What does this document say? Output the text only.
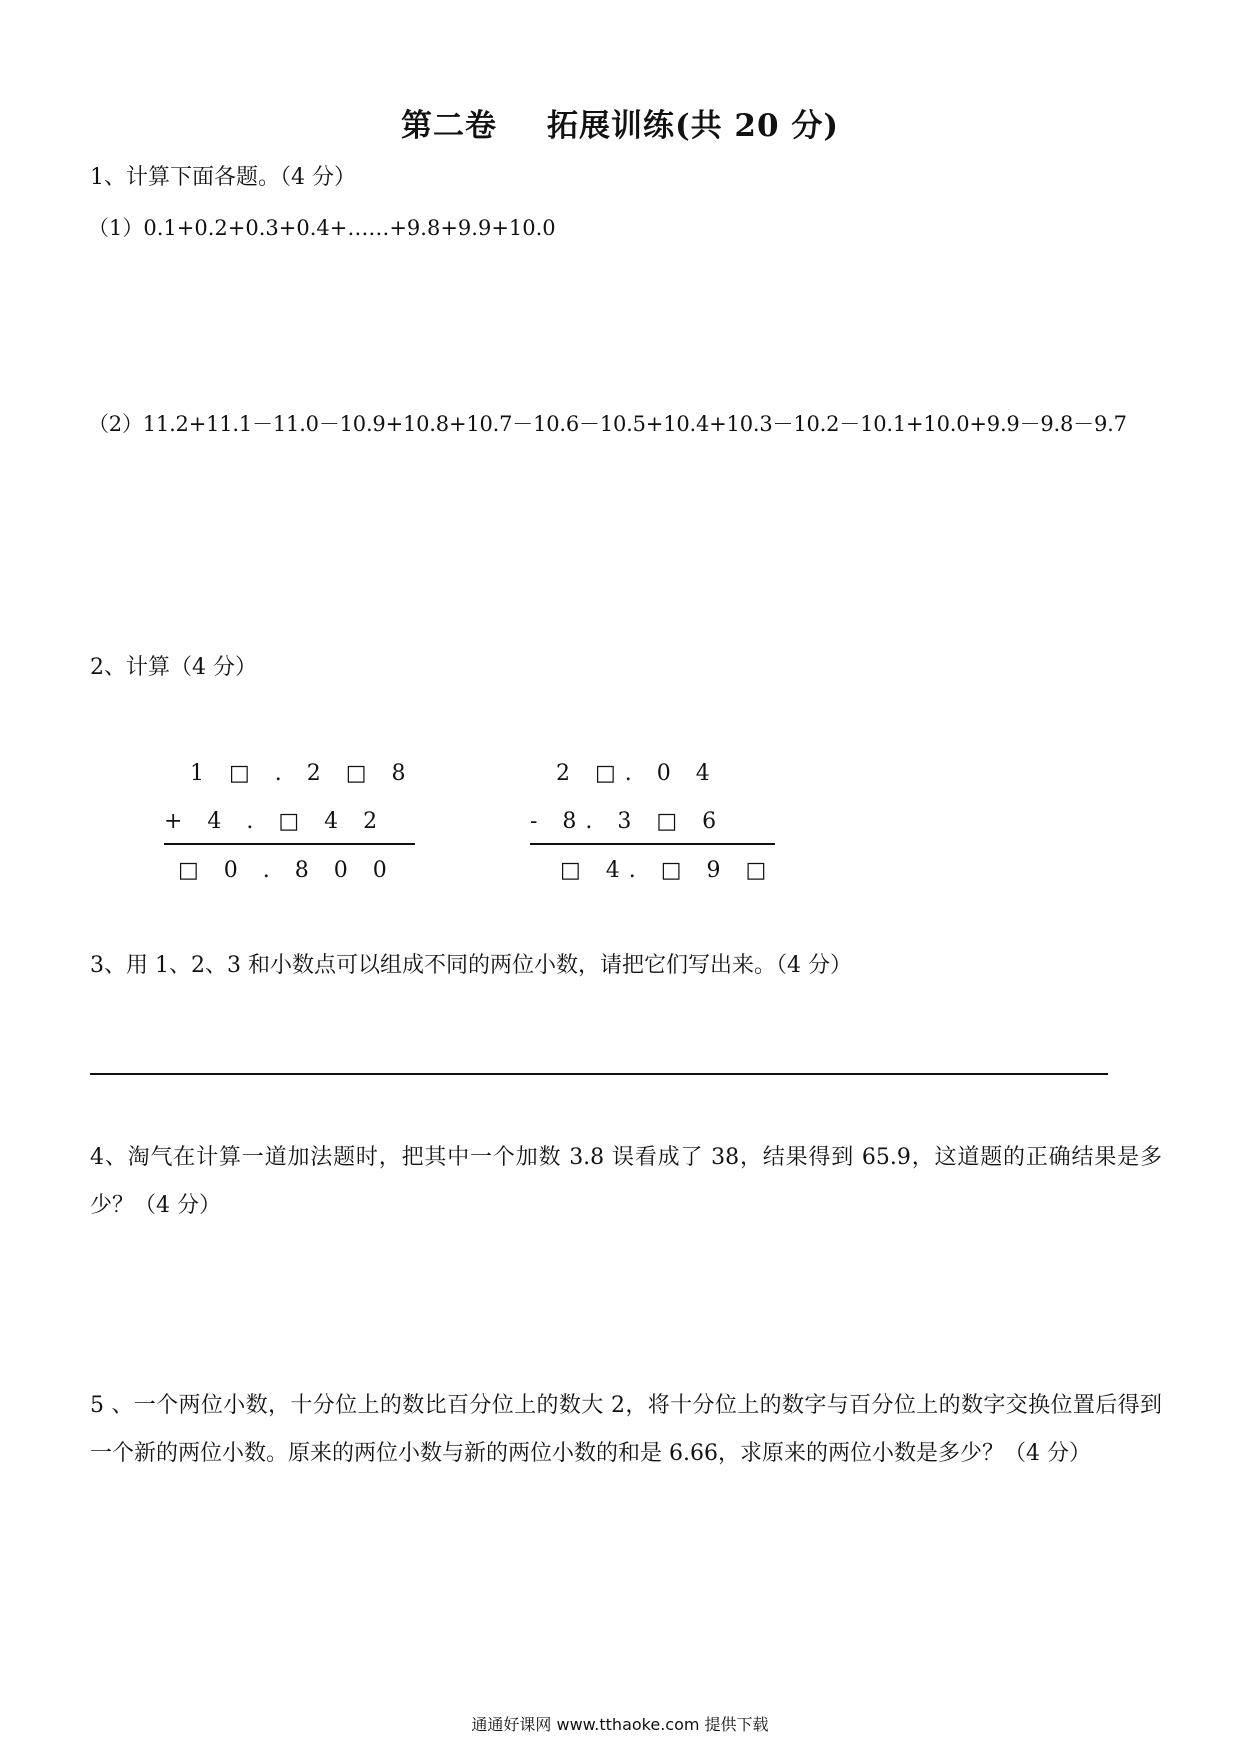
第二卷 拓展训练(共 20 分)
1、计算下面各题。（4 分）
（1）0.1+0.2+0.3+0.4+……+9.8+9.9+10.0
（2）11.2+11.1－11.0－10.9+10.8+10.7－10.6－10.5+10.4+10.3－10.2－10.1+10.0+9.9－9.8－9.7
2、计算（4 分）
1 □ . 2 □ 8
+ 4 . □ 4 2
□ 0 . 8 0 0
2 □. 0 4
- 8. 3 □ 6
□ 4. □ 9 □
3、用 1、2、3 和小数点可以组成不同的两位小数，请把它们写出来。（4 分）
4、淘气在计算一道加法题时，把其中一个加数 3.8 误看成了 38，结果得到 65.9，这道题的正确结果是多少？（4 分）
5 、一个两位小数，十分位上的数比百分位上的数大 2，将十分位上的数字与百分位上的数字交换位置后得到一个新的两位小数。原来的两位小数与新的两位小数的和是 6.66，求原来的两位小数是多少？（4 分）
通通好课网 www.tthaoke.com 提供下载
